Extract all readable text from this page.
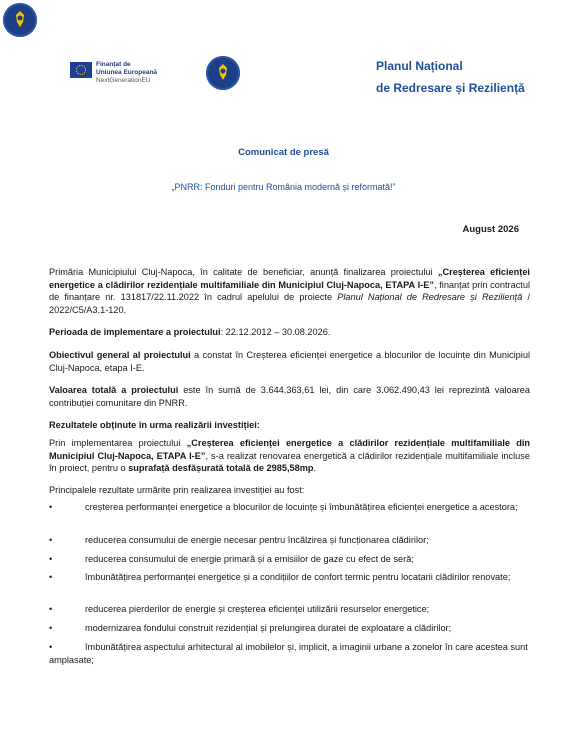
Finanțat de
Uniunea Europeană
NextGenerationEU
Planul Național
de Redresare și Reziliență
Comunicat de presă
„PNRR: Fonduri pentru România modernă și reformată!”
August 2026

Primăria Municipiului Cluj-Napoca, în calitate de beneficiar, anunță finalizarea proiectului „Creșterea eficienței energetice a clădirilor rezidențiale multifamiliale din Municipiul Cluj-Napoca, ETAPA I-E”, finanțat prin contractul de finanțare nr. 131817/22.11.2022 în cadrul apelului de proiecte Planul Național de Redresare și Reziliență / 2022/C5/A3.1-120.

Perioada de implementare a proiectului: 22.12.2012 – 30.08.2026.

Obiectivul general al proiectului a constat în Creșterea eficienței energetice a blocurilor de locuințe din Municipiul Cluj-Napoca, etapa I-E.

Valoarea totală a proiectului este în sumă de 3.644.363,61 lei, din care 3.062.490,43 lei reprezintă valoarea contribuției comunitare din PNRR.

Rezultatele obținute în urma realizării investiției:

Prin implementarea proiectului „Creșterea eficienței energetice a clădirilor rezidențiale multifamiliale din Municipiul Cluj-Napoca, ETAPA I-E”, s-a realizat renovarea energetică a clădirilor rezidențiale multifamiliale incluse în proiect, pentru o suprafață desfășurată totală de 2985,58mp.

Principalele rezultate urmărite prin realizarea investiției au fost:

•	creșterea performanței energetice a blocurilor de locuințe și îmbunătățirea eficienței energetice a acestora;
•	reducerea consumului de energie necesar pentru încălzirea și funcționarea clădirilor;
•	reducerea consumului de energie primară și a emisiilor de gaze cu efect de seră;
•	îmbunătățirea performanței energetice și a condițiilor de confort termic pentru locatarii clădirilor renovate;
•	reducerea pierderilor de energie și creșterea eficienței utilizării resurselor energetice;
•	modernizarea fondului construit rezidențial și prelungirea duratei de exploatare a clădirilor;
•	îmbunătățirea aspectului arhitectural al imobilelor și, implicit, a imaginii urbane a zonelor în care acestea sunt amplasate;
